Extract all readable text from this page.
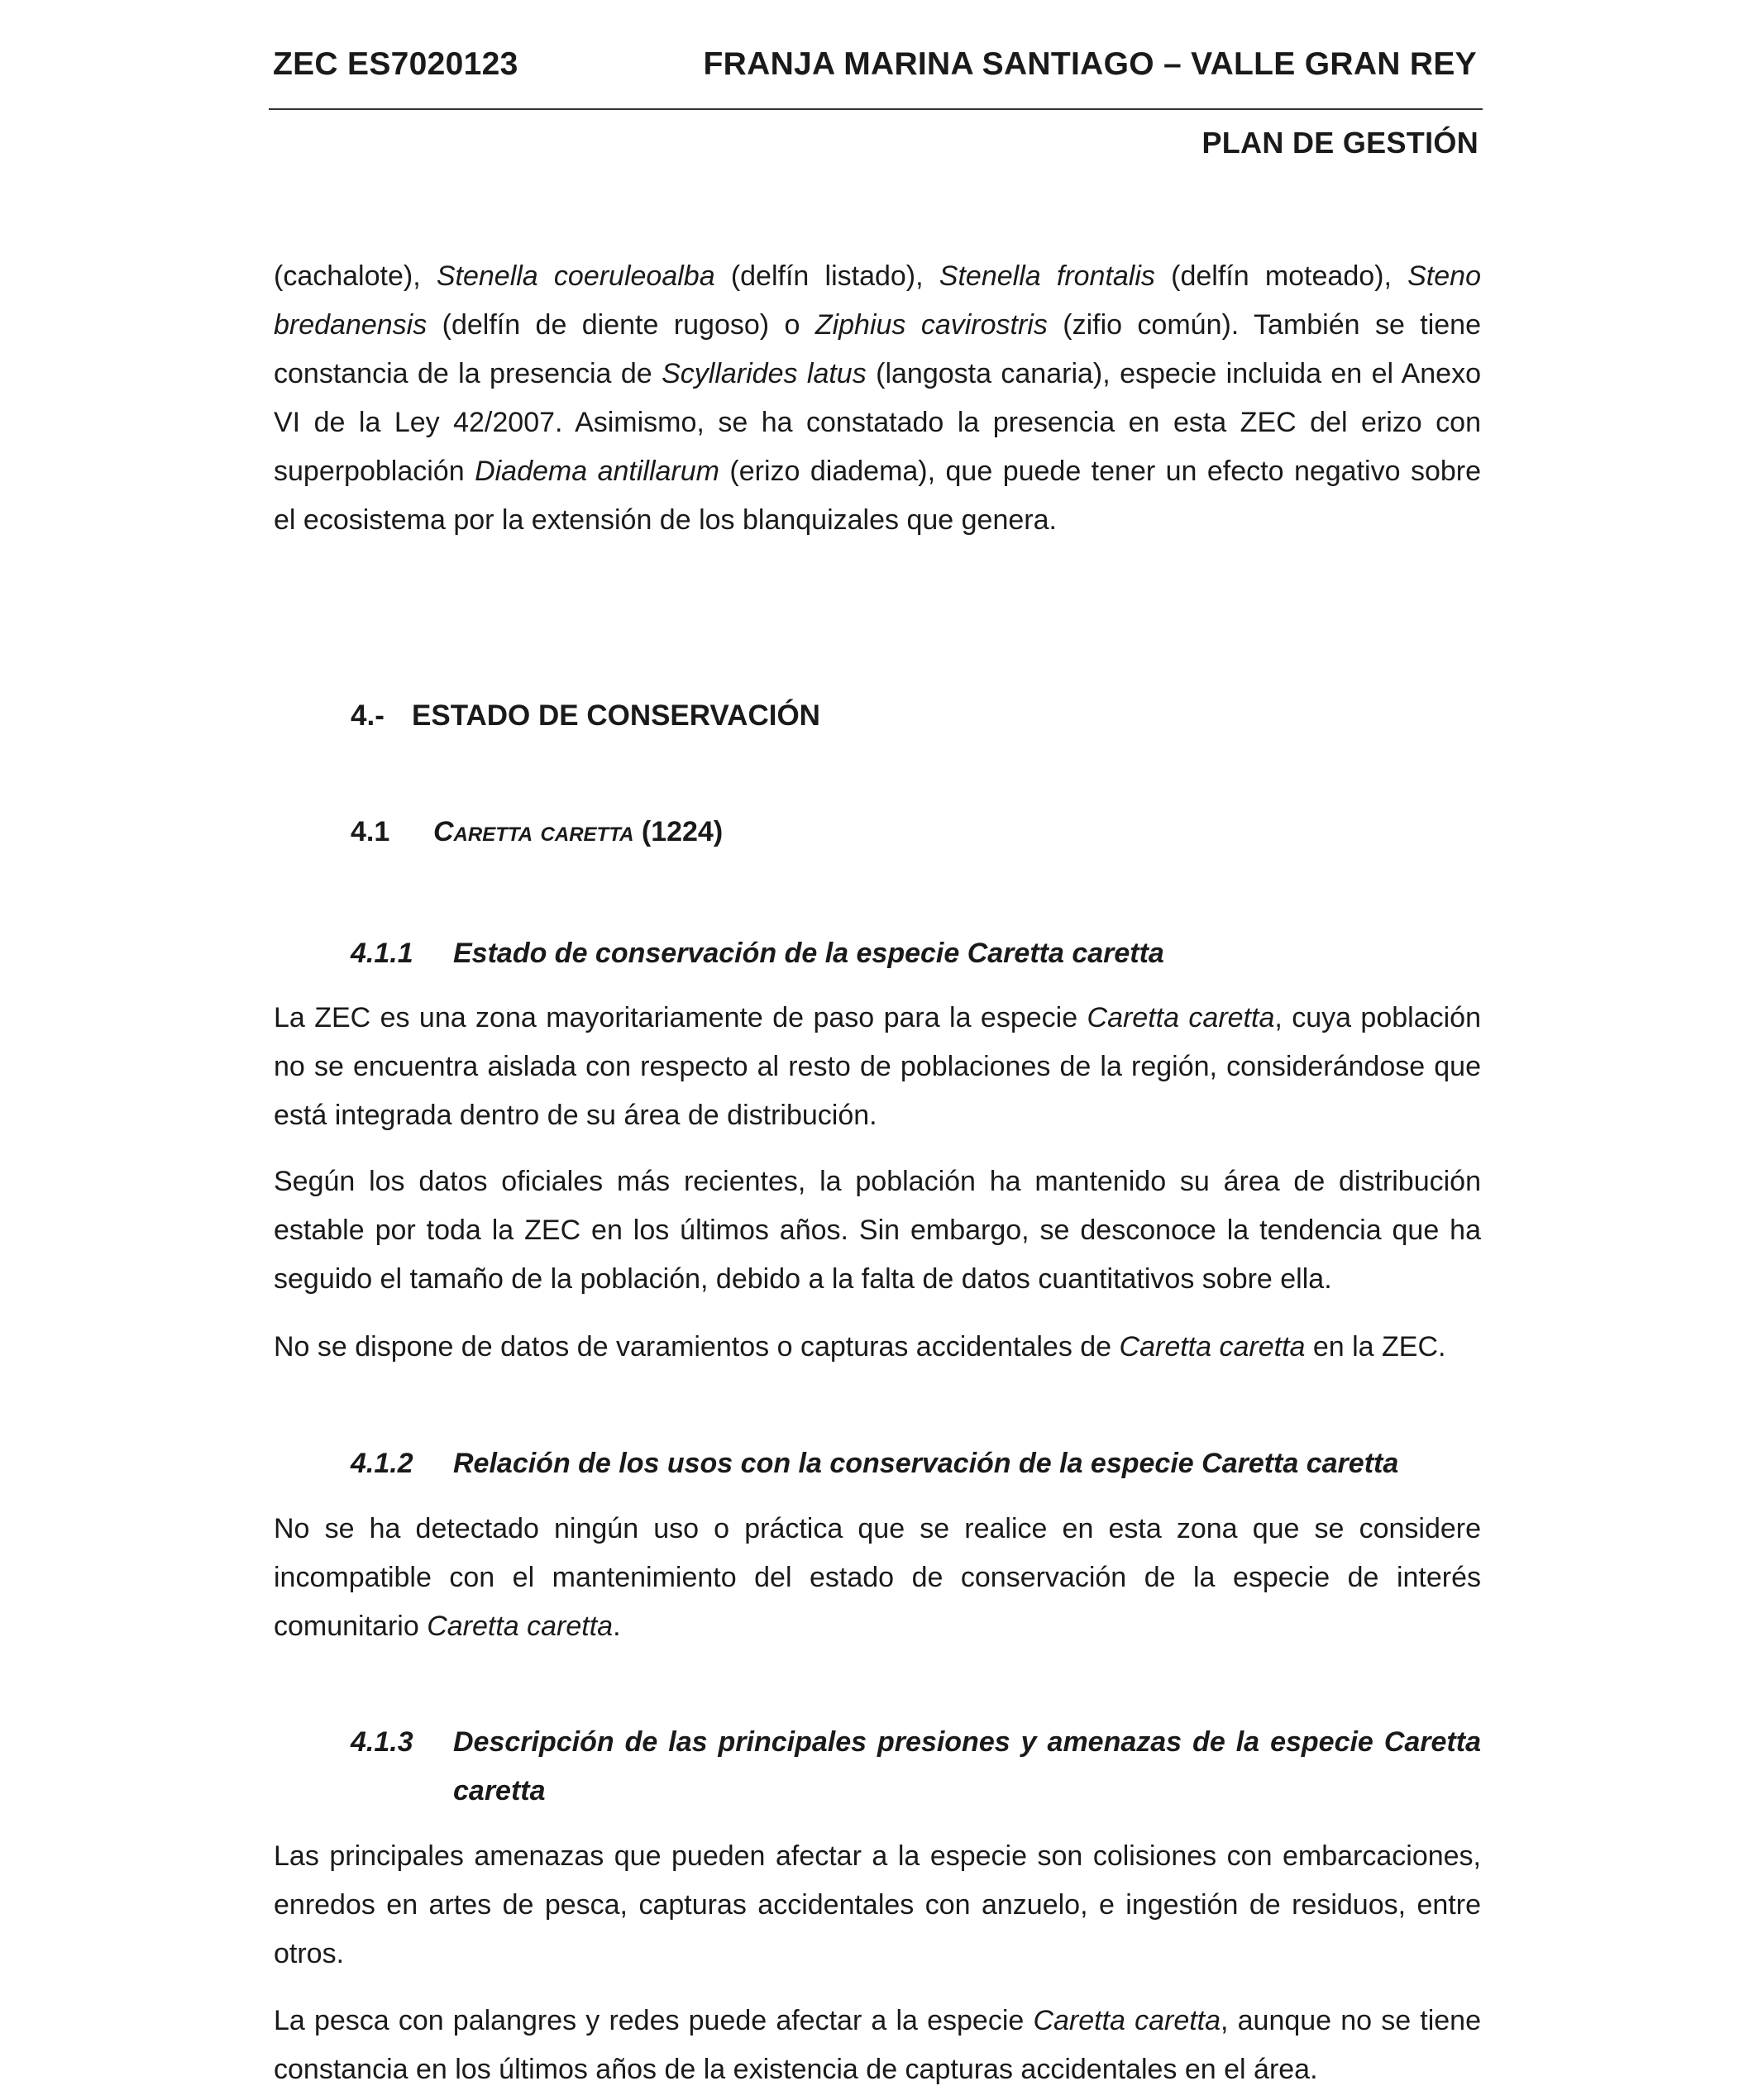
ZEC ES7020123	FRANJA MARINA SANTIAGO – VALLE GRAN REY
PLAN DE GESTIÓN

(cachalote), Stenella coeruleoalba (delfín listado), Stenella frontalis (delfín moteado), Steno bredanensis (delfín de diente rugoso) o Ziphius cavirostris (zifio común). También se tiene constancia de la presencia de Scyllarides latus (langosta canaria), especie incluida en el Anexo VI de la Ley 42/2007. Asimismo, se ha constatado la presencia en esta ZEC del erizo con superpoblación Diadema antillarum (erizo diadema), que puede tener un efecto negativo sobre el ecosistema por la extensión de los blanquizales que genera.

4.- ESTADO DE CONSERVACIÓN
4.1 Caretta caretta (1224)
4.1.1 Estado de conservación de la especie Caretta caretta

La ZEC es una zona mayoritariamente de paso para la especie Caretta caretta, cuya población no se encuentra aislada con respecto al resto de poblaciones de la región, considerándose que está integrada dentro de su área de distribución.

Según los datos oficiales más recientes, la población ha mantenido su área de distribución estable por toda la ZEC en los últimos años. Sin embargo, se desconoce la tendencia que ha seguido el tamaño de la población, debido a la falta de datos cuantitativos sobre ella.

No se dispone de datos de varamientos o capturas accidentales de Caretta caretta en la ZEC.

4.1.2 Relación de los usos con la conservación de la especie Caretta caretta

No se ha detectado ningún uso o práctica que se realice en esta zona que se considere incompatible con el mantenimiento del estado de conservación de la especie de interés comunitario Caretta caretta.

4.1.3 Descripción de las principales presiones y amenazas de la especie Caretta caretta

Las principales amenazas que pueden afectar a la especie son colisiones con embarcaciones, enredos en artes de pesca, capturas accidentales con anzuelo, e ingestión de residuos, entre otros.

La pesca con palangres y redes puede afectar a la especie Caretta caretta, aunque no se tiene constancia en los últimos años de la existencia de capturas accidentales en el área.
